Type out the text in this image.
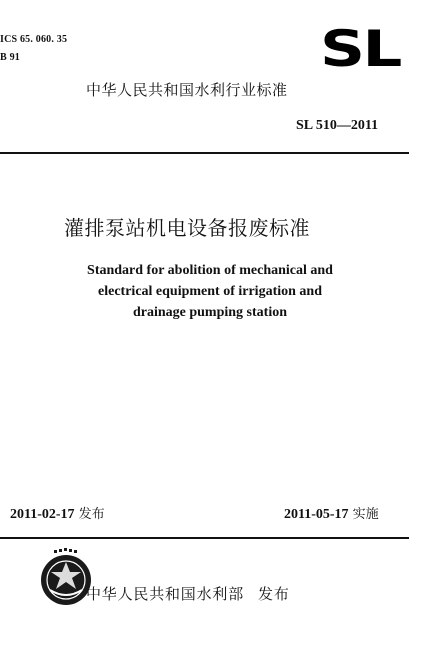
ICS 65. 060. 35
B 91	SL
中华人民共和国水利行业标准
SL 510—2011
灌排泵站机电设备报废标准
Standard for abolition of mechanical and
electrical equipment of irrigation and
drainage pumping station
2011-02-17 发布	2011-05-17 实施
中华人民共和国水利部 发布
